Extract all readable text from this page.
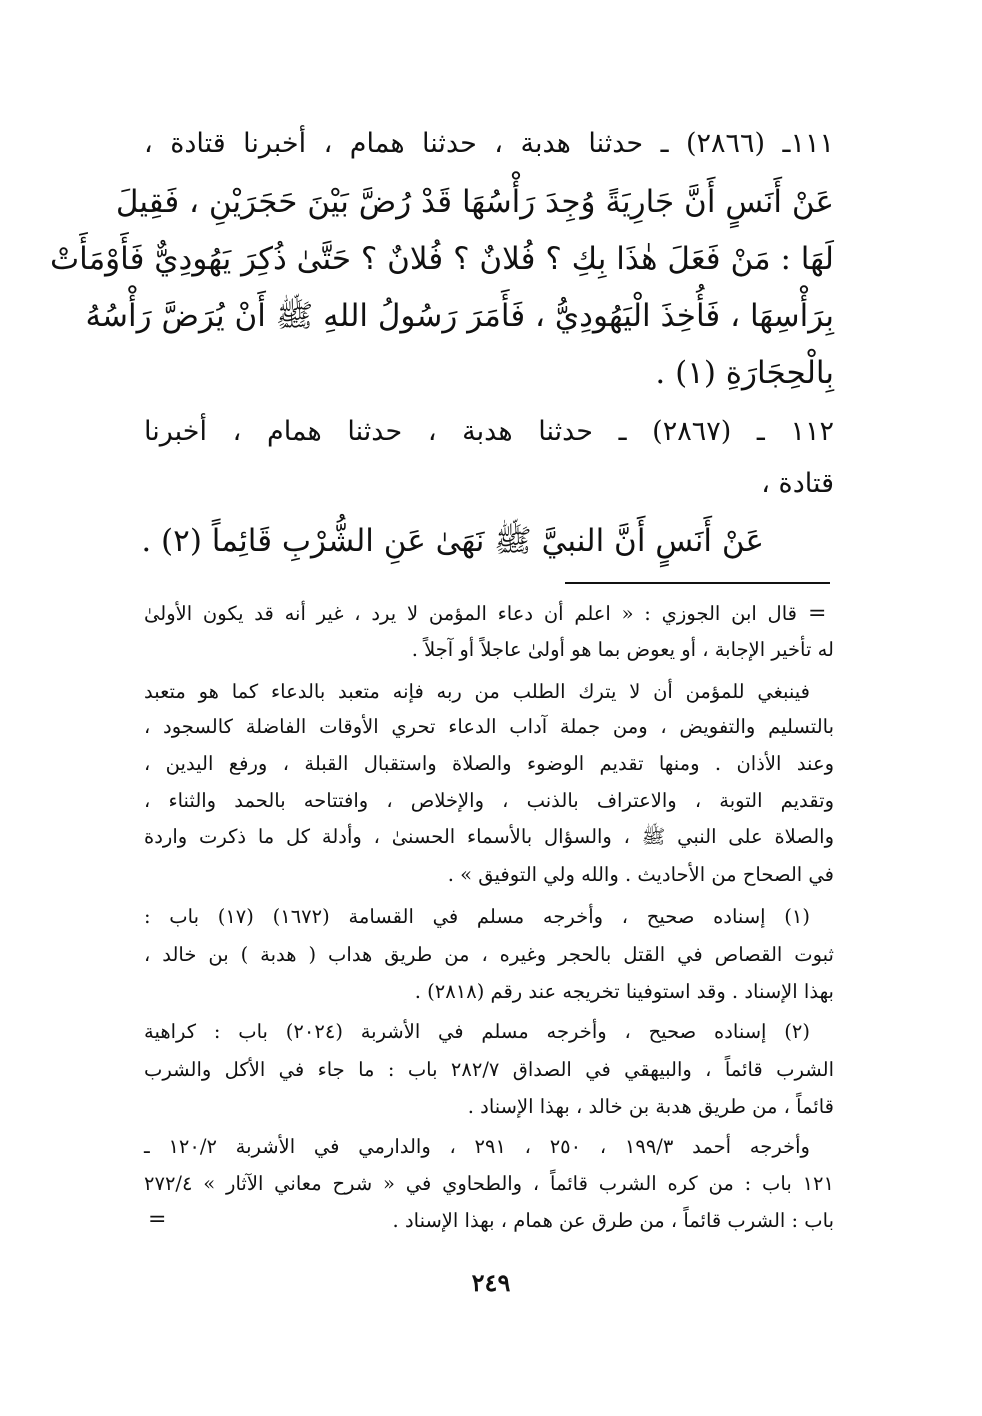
١١١ـ (٢٨٦٦) ـ حدثنا هدبة ، حدثنا همام ، أخبرنا قتادة ،
عَنْ أَنَسٍ أَنَّ جَارِيَةً وُجِدَ رَأْسُهَا قَدْ رُضَّ بَيْنَ حَجَرَيْنِ ، فَقِيلَ
لَهَا : مَنْ فَعَلَ هٰذَا بِكِ ؟ فُلانٌ ؟ فُلانٌ ؟ حَتَّىٰ ذُكِرَ يَهُودِيٌّ فَأَوْمَأَتْ
بِرَأْسِهَا ، فَأُخِذَ الْيَهُودِيُّ ، فَأَمَرَ رَسُولُ اللهِ ﷺ أَنْ يُرَضَّ رَأْسُهُ
بِالْحِجَارَةِ (١) .
١١٢ ـ (٢٨٦٧) ـ حدثنا هدبة ، حدثنا همام ، أخبرنا
قتادة ،
عَنْ أَنَسٍ أَنَّ النبيَّ ﷺ نَهَىٰ عَنِ الشُّرْبِ قَائِماً (٢) .
=
قال ابن الجوزي : « اعلم أن دعاء المؤمن لا يرد ، غير أنه قد يكون الأولىٰ
له تأخير الإجابة ، أو يعوض بما هو أولىٰ عاجلاً أو آجلاً .
فينبغي للمؤمن أن لا يترك الطلب من ربه فإنه متعبد بالدعاء كما هو متعبد
بالتسليم والتفويض ، ومن جملة آداب الدعاء تحري الأوقات الفاضلة كالسجود ،
وعند الأذان . ومنها تقديم الوضوء والصلاة واستقبال القبلة ، ورفع اليدين ،
وتقديم التوبة ، والاعتراف بالذنب ، والإخلاص ، وافتتاحه بالحمد والثناء ،
والصلاة على النبي ﷺ ، والسؤال بالأسماء الحسنىٰ ، وأدلة كل ما ذكرت واردة
في الصحاح من الأحاديث . والله ولي التوفيق » .
(١) إسناده صحيح ، وأخرجه مسلم في القسامة (١٦٧٢) (١٧) باب :
ثبوت القصاص في القتل بالحجر وغيره ، من طريق هداب ( هدبة ) بن خالد ،
بهذا الإسناد . وقد استوفينا تخريجه عند رقم (٢٨١٨) .
(٢) إسناده صحيح ، وأخرجه مسلم في الأشربة (٢٠٢٤) باب : كراهية
الشرب قائماً ، والبيهقي في الصداق ٢٨٢/٧ باب : ما جاء في الأكل والشرب
قائماً ، من طريق هدبة بن خالد ، بهذا الإسناد .
وأخرجه أحمد ١٩٩/٣ ، ٢٥٠ ، ٢٩١ ، والدارمي في الأشربة ١٢٠/٢ ـ
١٢١ باب : من كره الشرب قائماً ، والطحاوي في « شرح معاني الآثار » ٢٧٢/٤
باب : الشرب قائماً ، من طرق عن همام ، بهذا الإسناد .
=
٢٤٩
